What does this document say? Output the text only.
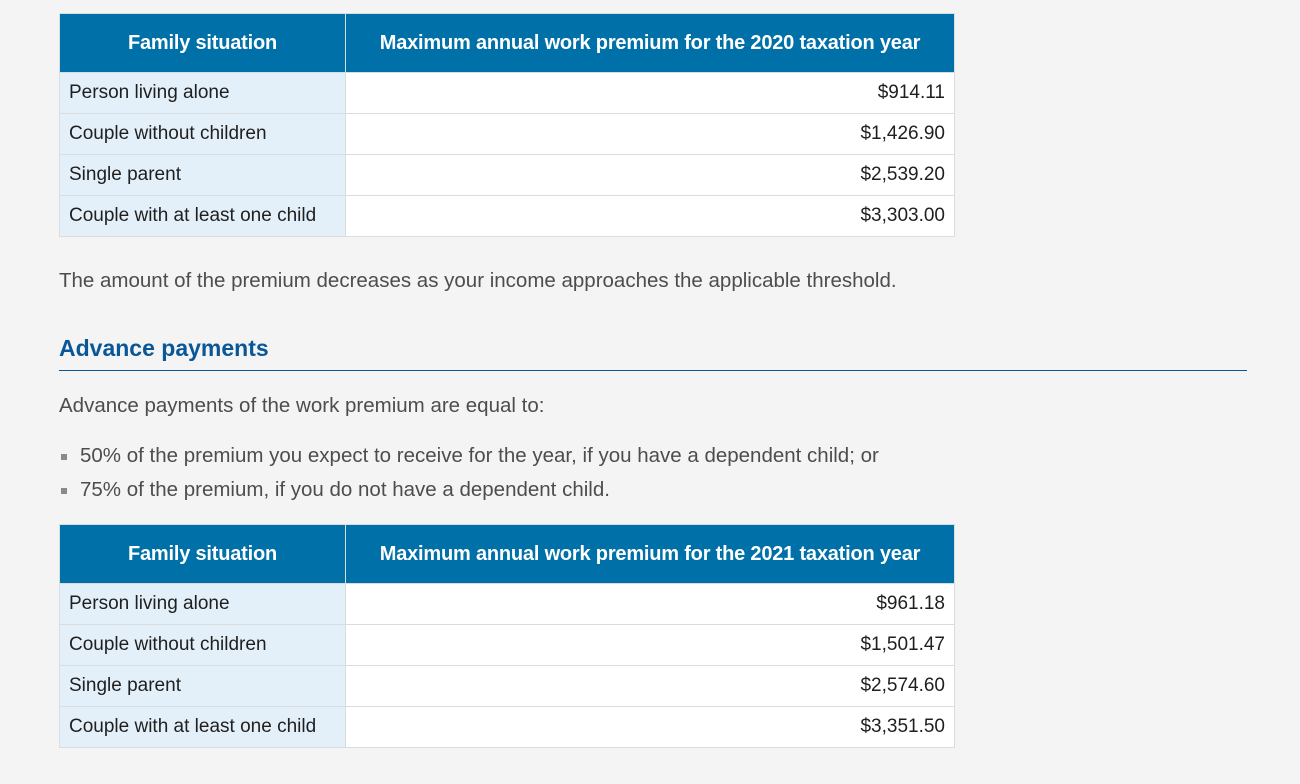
Family situation	Maximum annual work premium for the 2020 taxation year
Person living alone	$914.11
Couple without children	$1,426.90
Single parent	$2,539.20
Couple with at least one child	$3,303.00

The amount of the premium decreases as your income approaches the applicable threshold.

Advance payments

Advance payments of the work premium are equal to:

50% of the premium you expect to receive for the year, if you have a dependent child; or
75% of the premium, if you do not have a dependent child.
Family situation	Maximum annual work premium for the 2021 taxation year
Person living alone	$961.18
Couple without children	$1,501.47
Single parent	$2,574.60
Couple with at least one child	$3,351.50
